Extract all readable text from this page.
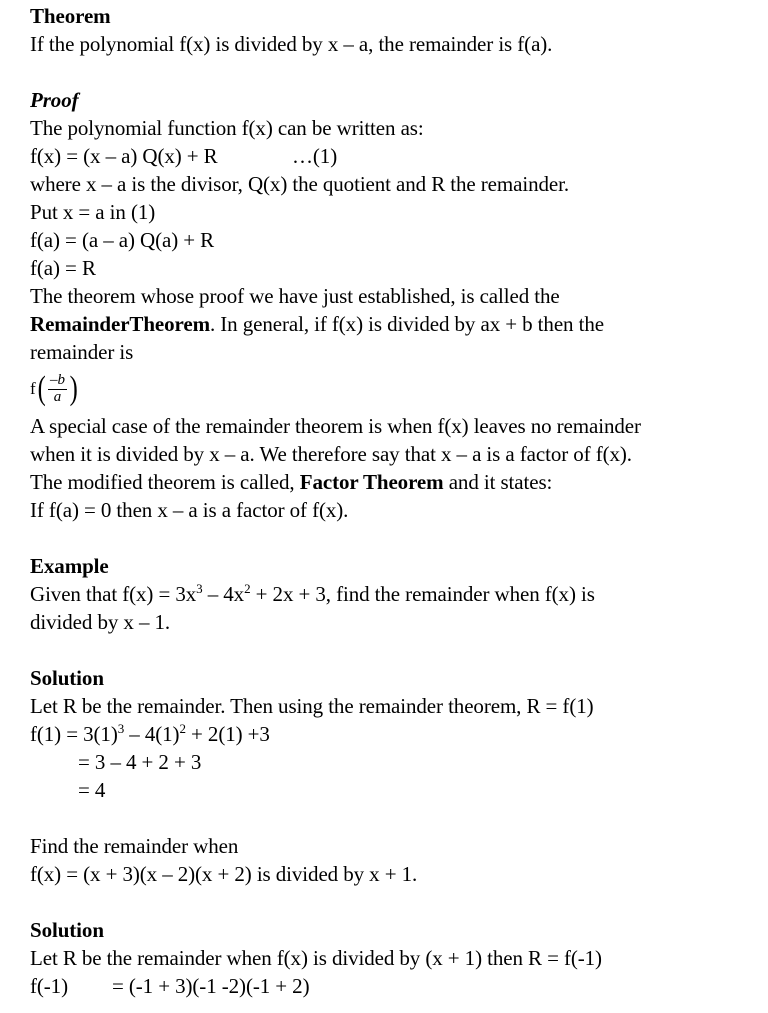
Theorem
If the polynomial f(x) is divided by x – a, the remainder is f(a).
Proof
The polynomial function f(x) can be written as:
f(x) = (x – a) Q(x) + R	…(1)
where x – a is the divisor, Q(x) the quotient and R the remainder.
Put x = a in (1)
f(a) = (a – a) Q(a) + R
f(a) = R
The theorem whose proof we have just established, is called the
RemainderTheorem. In general, if f(x) is divided by ax + b then the
remainder is
f ( $\frac{-b}{a}$ )
A special case of the remainder theorem is when f(x) leaves no remainder
when it is divided by x – a. We therefore say that x – a is a factor of f(x).
The modified theorem is called, Factor Theorem and it states:
If f(a) = 0 then x – a is a factor of f(x).
Example
Given that $f(x) = 3x^3 - 4x^2 + 2x + 3$, find the remainder when f(x) is
divided by x – 1.
Solution
Let R be the remainder. Then using the remainder theorem, R = f(1)
$f(1) = 3(1)^3 - 4(1)^2 + 2(1) +3$
= 3 – 4 + 2 + 3
= 4
Find the remainder when
f(x) = (x + 3)(x – 2)(x + 2) is divided by x + 1.
Solution
Let R be the remainder when f(x) is divided by (x + 1) then R = f(-1)
f(-1) = (-1 + 3)(-1 -2)(-1 + 2)
